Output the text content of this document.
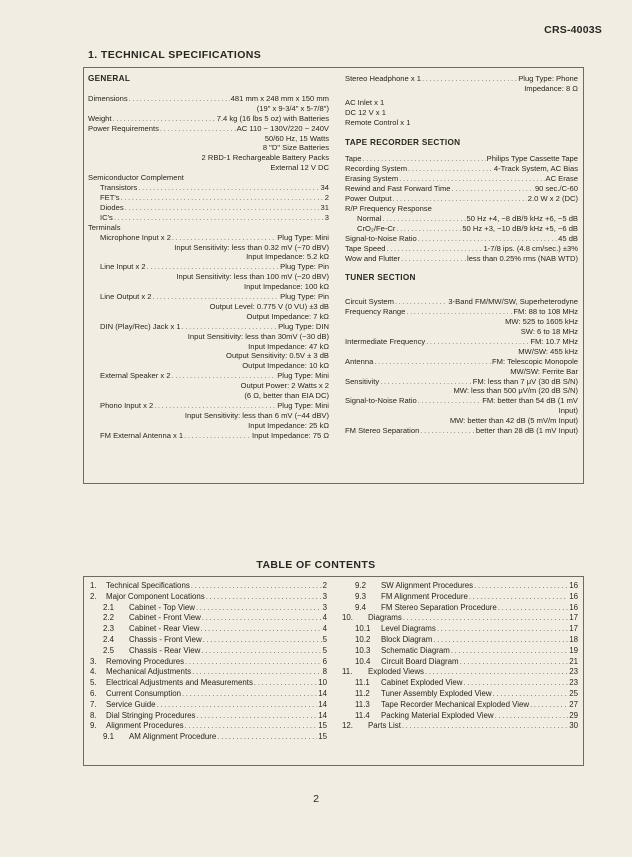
CRS-4003S
1. TECHNICAL SPECIFICATIONS
GENERAL
Dimensions .....	481 mm x 248 mm x 150 mm
(19" x 9-3/4" x 5-7/8")
Weight .....	7.4 kg (16 lbs 5 oz) with Batteries
Power Requirements .....	AC 110 ~ 130V/220 ~ 240V
50/60 Hz, 15 Watts
8 "D" Size Batteries
2 RBD-1 Rechargeable Battery Packs
External 12 V DC
Semiconductor Complement
Transistors .....	34
FET's .....	2
Diodes .....	31
IC's .....	3
Terminals
Microphone Input x 2 .....	Plug Type: Mini
Input Sensitivity: less than 0.32 mV (−70 dBV)
Input Impedance: 5.2 kΩ
Line Input x 2 .....	Plug Type: Pin
Input Sensitivity: less than 100 mV (−20 dBV)
Input Impedance: 100 kΩ
Line Output x 2 .....	Plug Type: Pin
Output Level: 0.775 V (0 VU) ±3 dB
Output Impedance: 7 kΩ
DIN (Play/Rec) Jack x 1 .....	Plug Type: DIN
Input Sensitivity: less than 30mV (−30 dB)
Input Impedance: 47 kΩ
Output Sensitivity: 0.5V ± 3 dB
Output Impedance: 10 kΩ
External Speaker x 2 .....	Plug Type: Mini
Output Power: 2 Watts x 2
(6 Ω, better than EIA DC)
Phono Input x 2 .....	Plug Type: Mini
Input Sensitivity: less than 6 mV (−44 dBV)
Input Impedance: 25 kΩ
FM External Antenna x 1 .....	Input Impedance: 75 Ω
Stereo Headphone x 1 .....	Plug Type: Phone
Impedance: 8 Ω
AC Inlet x 1
DC 12 V x 1
Remote Control x 1
TAPE RECORDER SECTION
Tape .....	Philips Type Cassette Tape
Recording System .....	4-Track System, AC Bias
Erasing System .....	AC Erase
Rewind and Fast Forward Time .....	90 sec./C-60
Power Output .....	2.0 W x 2 (DC)
R/P Frequency Response
Normal .....	50 Hz +4, −8 dB/9 kHz +6, −5 dB
CrO₂/Fe-Cr .....	50 Hz +3, −10 dB/9 kHz +5, −6 dB
Signal-to-Noise Ratio .....	45 dB
Tape Speed .....	1-7/8 ips. (4.8 cm/sec.) ±3%
Wow and Flutter .....	less than 0.25% rms (NAB WTD)
TUNER SECTION
Circuit System .....	3-Band FM/MW/SW, Superheterodyne
Frequency Range .....	FM: 88 to 108 MHz
MW: 525 to 1605 kHz
SW: 6 to 18 MHz
Intermediate Frequency .....	FM: 10.7 MHz
MW/SW: 455 kHz
Antenna .....	FM: Telescopic Monopole
MW/SW: Ferrite Bar
Sensitivity .....	FM: less than 7 μV (30 dB S/N)
MW: less than 500 μV/m (20 dB S/N)
Signal-to-Noise Ratio .....	FM: better than 54 dB (1 mV
Input)
MW: better than 42 dB (5 mV/m Input)
FM Stereo Separation .....	better than 28 dB (1 mV Input)
TABLE OF CONTENTS
1.	Technical Specifications .....	2
2.	Major Component Locations .....	3
2.1	Cabinet - Top View .....	3
2.2	Cabinet - Front View .....	4
2.3	Cabinet - Rear View .....	4
2.4	Chassis - Front View .....	5
2.5	Chassis - Rear View .....	5
3.	Removing Procedures .....	6
4.	Mechanical Adjustments .....	8
5.	Electrical Adjustments and Measurements .....	10
6.	Current Consumption .....	14
7.	Service Guide .....	14
8.	Dial Stringing Procedures .....	14
9.	Alignment Procedures .....	15
9.1	AM Alignment Procedure .....	15
9.2	SW Alignment Procedures .....	16
9.3	FM Alignment Procedure .....	16
9.4	FM Stereo Separation Procedure .....	16
10.	Diagrams .....	17
10.1	Level Diagrams .....	17
10.2	Block Diagram .....	18
10.3	Schematic Diagram .....	19
10.4	Circuit Board Diagram .....	21
11.	Exploded Views .....	23
11.1	Cabinet Exploded View .....	23
11.2	Tuner Assembly Exploded View .....	25
11.3	Tape Recorder Mechanical Exploded View .....	27
11.4	Packing Material Exploded View .....	29
12.	Parts List .....	30
2
